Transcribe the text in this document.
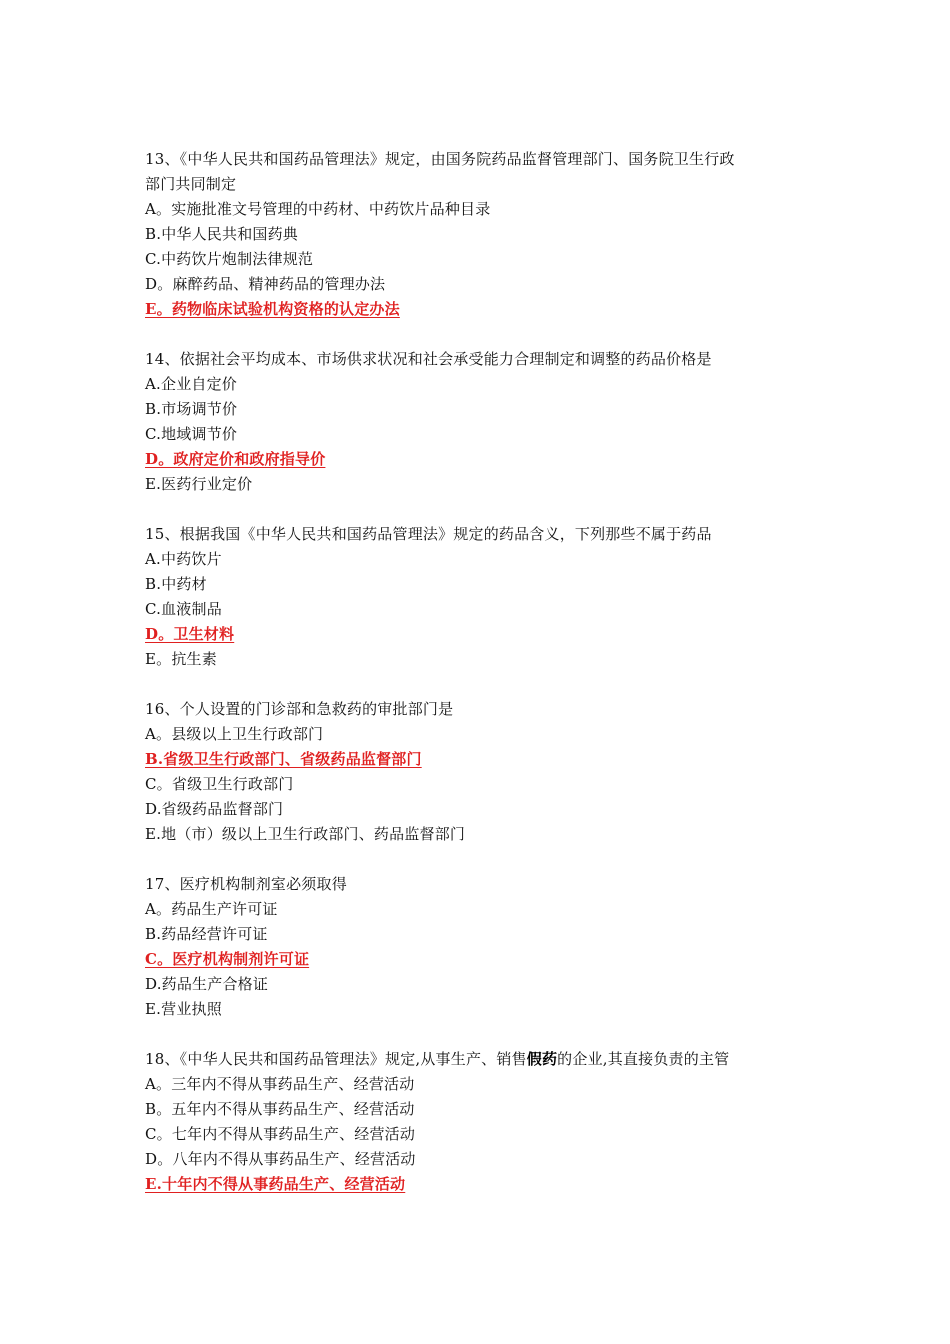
13、《中华人民共和国药品管理法》规定，由国务院药品监督管理部门、国务院卫生行政
部门共同制定
A。实施批准文号管理的中药材、中药饮片品种目录
B.中华人民共和国药典
C.中药饮片炮制法律规范
D。麻醉药品、精神药品的管理办法
E。药物临床试验机构资格的认定办法
14、依据社会平均成本、市场供求状况和社会承受能力合理制定和调整的药品价格是
A.企业自定价
B.市场调节价
C.地域调节价
D。政府定价和政府指导价
E.医药行业定价
15、根据我国《中华人民共和国药品管理法》规定的药品含义，下列那些不属于药品
A.中药饮片
B.中药材
C.血液制品
D。卫生材料
E。抗生素
16、个人设置的门诊部和急救药的审批部门是
A。县级以上卫生行政部门
B.省级卫生行政部门、省级药品监督部门
C。省级卫生行政部门
D.省级药品监督部门
E.地（市）级以上卫生行政部门、药品监督部门
17、医疗机构制剂室必须取得
A。药品生产许可证
B.药品经营许可证
C。医疗机构制剂许可证
D.药品生产合格证
E.营业执照
18、《中华人民共和国药品管理法》规定,从事生产、销售假药的企业,其直接负责的主管
A。三年内不得从事药品生产、经营活动
B。五年内不得从事药品生产、经营活动
C。七年内不得从事药品生产、经营活动
D。八年内不得从事药品生产、经营活动
E.十年内不得从事药品生产、经营活动
